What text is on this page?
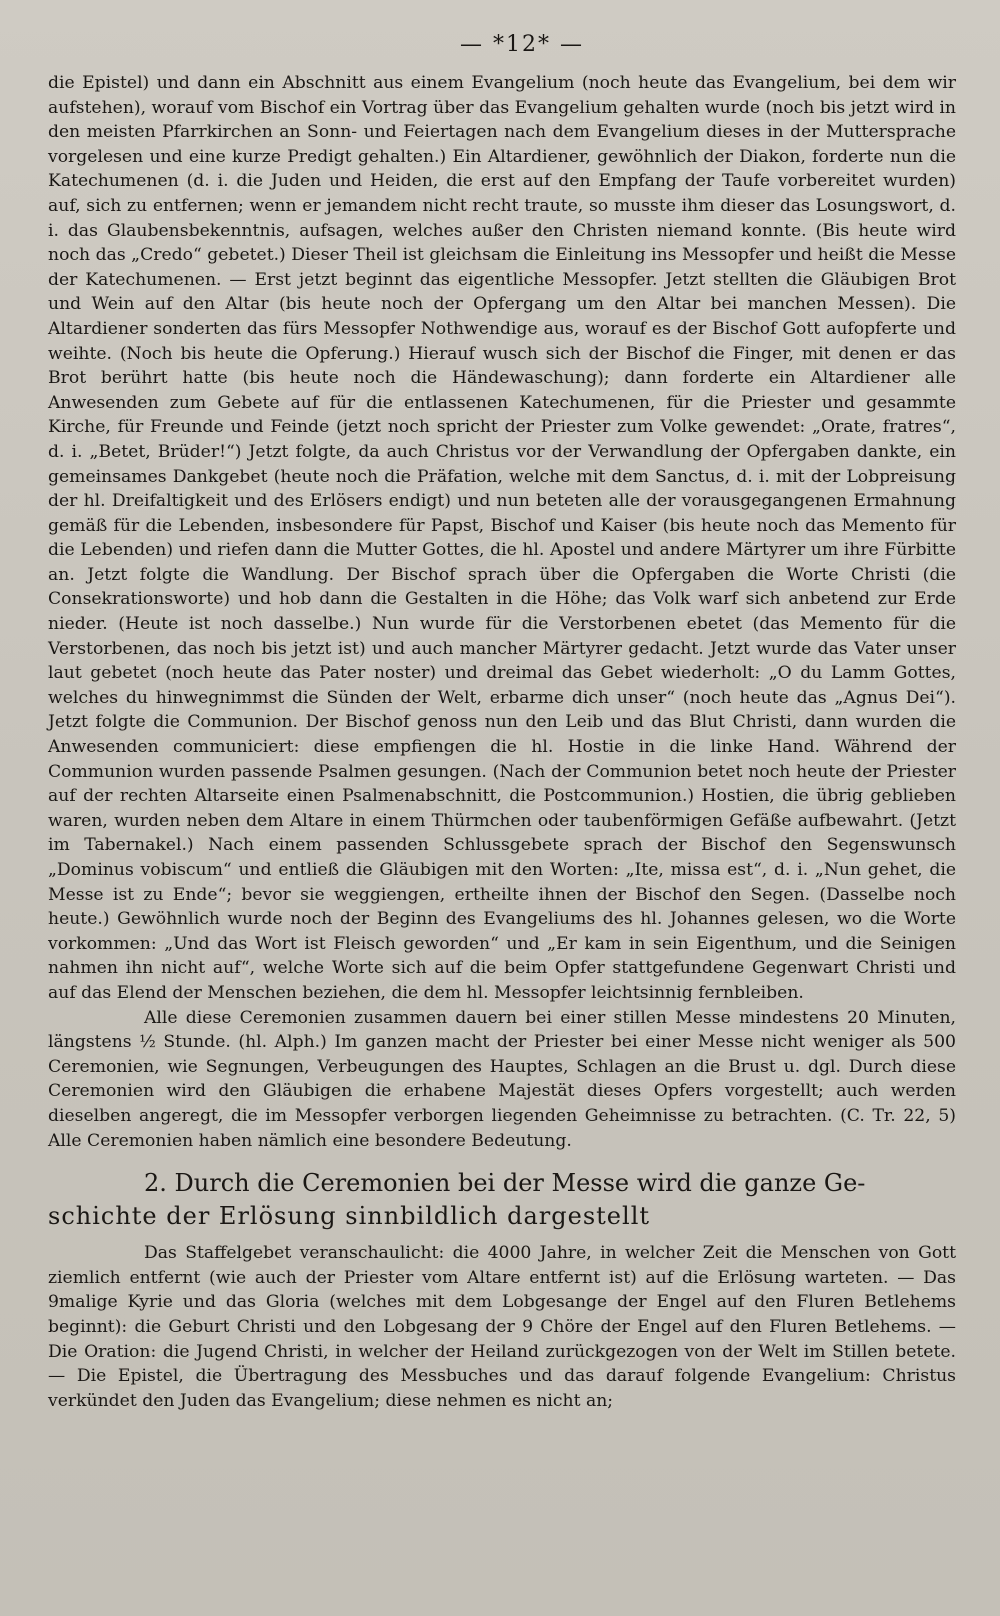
— *12* —

die Epistel) und dann ein Abschnitt aus einem Evangelium (noch heute das Evangelium, bei dem wir aufstehen), worauf vom Bischof ein Vortrag über das Evangelium gehalten wurde (noch bis jetzt wird in den meisten Pfarrkirchen an Sonn- und Feiertagen nach dem Evangelium dieses in der Muttersprache vorgelesen und eine kurze Predigt gehalten.) Ein Altardiener, gewöhnlich der Diakon, forderte nun die Katechumenen (d. i. die Juden und Heiden, die erst auf den Empfang der Taufe vorbereitet wurden) auf, sich zu entfernen; wenn er jemandem nicht recht traute, so musste ihm dieser das Losungswort, d. i. das Glaubensbekenntnis, aufsagen, welches außer den Christen niemand konnte. (Bis heute wird noch das „Credo“ gebetet.) Dieser Theil ist gleichsam die Einleitung ins Messopfer und heißt die Messe der Katechumenen. — Erst jetzt beginnt das eigentliche Messopfer. Jetzt stellten die Gläubigen Brot und Wein auf den Altar (bis heute noch der Opfergang um den Altar bei manchen Messen). Die Altardiener sonderten das fürs Messopfer Nothwendige aus, worauf es der Bischof Gott aufopferte und weihte. (Noch bis heute die Opferung.) Hierauf wusch sich der Bischof die Finger, mit denen er das Brot berührt hatte (bis heute noch die Händewaschung); dann forderte ein Altardiener alle Anwesenden zum Gebete auf für die entlassenen Katechumenen, für die Priester und gesammte Kirche, für Freunde und Feinde (jetzt noch spricht der Priester zum Volke gewendet: „Orate, fratres“, d. i. „Betet, Brüder!“) Jetzt folgte, da auch Christus vor der Verwandlung der Opfergaben dankte, ein gemeinsames Dankgebet (heute noch die Präfation, welche mit dem Sanctus, d. i. mit der Lobpreisung der hl. Dreifaltigkeit und des Erlösers endigt) und nun beteten alle der vorausgegangenen Ermahnung gemäß für die Lebenden, insbesondere für Papst, Bischof und Kaiser (bis heute noch das Memento für die Lebenden) und riefen dann die Mutter Gottes, die hl. Apostel und andere Märtyrer um ihre Fürbitte an. Jetzt folgte die Wandlung. Der Bischof sprach über die Opfergaben die Worte Christi (die Consekrationsworte) und hob dann die Gestalten in die Höhe; das Volk warf sich anbetend zur Erde nieder. (Heute ist noch dasselbe.) Nun wurde für die Verstorbenen ebetet (das Memento für die Verstorbenen, das noch bis jetzt ist) und auch mancher Märtyrer gedacht. Jetzt wurde das Vater unser laut gebetet (noch heute das Pater noster) und dreimal das Gebet wiederholt: „O du Lamm Gottes, welches du hinwegnimmst die Sünden der Welt, erbarme dich unser“ (noch heute das „Agnus Dei“). Jetzt folgte die Communion. Der Bischof genoss nun den Leib und das Blut Christi, dann wurden die Anwesenden communiciert: diese empfiengen die hl. Hostie in die linke Hand. Während der Communion wurden passende Psalmen gesungen. (Nach der Communion betet noch heute der Priester auf der rechten Altarseite einen Psalmenabschnitt, die Postcommunion.) Hostien, die übrig geblieben waren, wurden neben dem Altare in einem Thürmchen oder taubenförmigen Gefäße aufbewahrt. (Jetzt im Tabernakel.) Nach einem passenden Schlussgebete sprach der Bischof den Segenswunsch „Dominus vobiscum“ und entließ die Gläubigen mit den Worten: „Ite, missa est“, d. i. „Nun gehet, die Messe ist zu Ende“; bevor sie weggiengen, ertheilte ihnen der Bischof den Segen. (Dasselbe noch heute.) Gewöhnlich wurde noch der Beginn des Evangeliums des hl. Johannes gelesen, wo die Worte vorkommen: „Und das Wort ist Fleisch geworden“ und „Er kam in sein Eigenthum, und die Seinigen nahmen ihn nicht auf“, welche Worte sich auf die beim Opfer stattgefundene Gegenwart Christi und auf das Elend der Menschen beziehen, die dem hl. Messopfer leichtsinnig fernbleiben.

Alle diese Ceremonien zusammen dauern bei einer stillen Messe mindestens 20 Minuten, längstens ½ Stunde. (hl. Alph.) Im ganzen macht der Priester bei einer Messe nicht weniger als 500 Ceremonien, wie Segnungen, Verbeugungen des Hauptes, Schlagen an die Brust u. dgl. Durch diese Ceremonien wird den Gläubigen die erhabene Majestät dieses Opfers vorgestellt; auch werden dieselben angeregt, die im Messopfer verborgen liegenden Geheimnisse zu betrachten. (C. Tr. 22, 5) Alle Ceremonien haben nämlich eine besondere Bedeutung.

2. Durch die Ceremonien bei der Messe wird die ganze Ge-
schichte der Erlösung sinnbildlich dargestellt

Das Staffelgebet veranschaulicht: die 4000 Jahre, in welcher Zeit die Menschen von Gott ziemlich entfernt (wie auch der Priester vom Altare entfernt ist) auf die Erlösung warteten. — Das 9malige Kyrie und das Gloria (welches mit dem Lobgesange der Engel auf den Fluren Betlehems beginnt): die Geburt Christi und den Lobgesang der 9 Chöre der Engel auf den Fluren Betlehems. — Die Oration: die Jugend Christi, in welcher der Heiland zurückgezogen von der Welt im Stillen betete. — Die Epistel, die Übertragung des Messbuches und das darauf folgende Evangelium: Christus verkündet den Juden das Evangelium; diese nehmen es nicht an;
